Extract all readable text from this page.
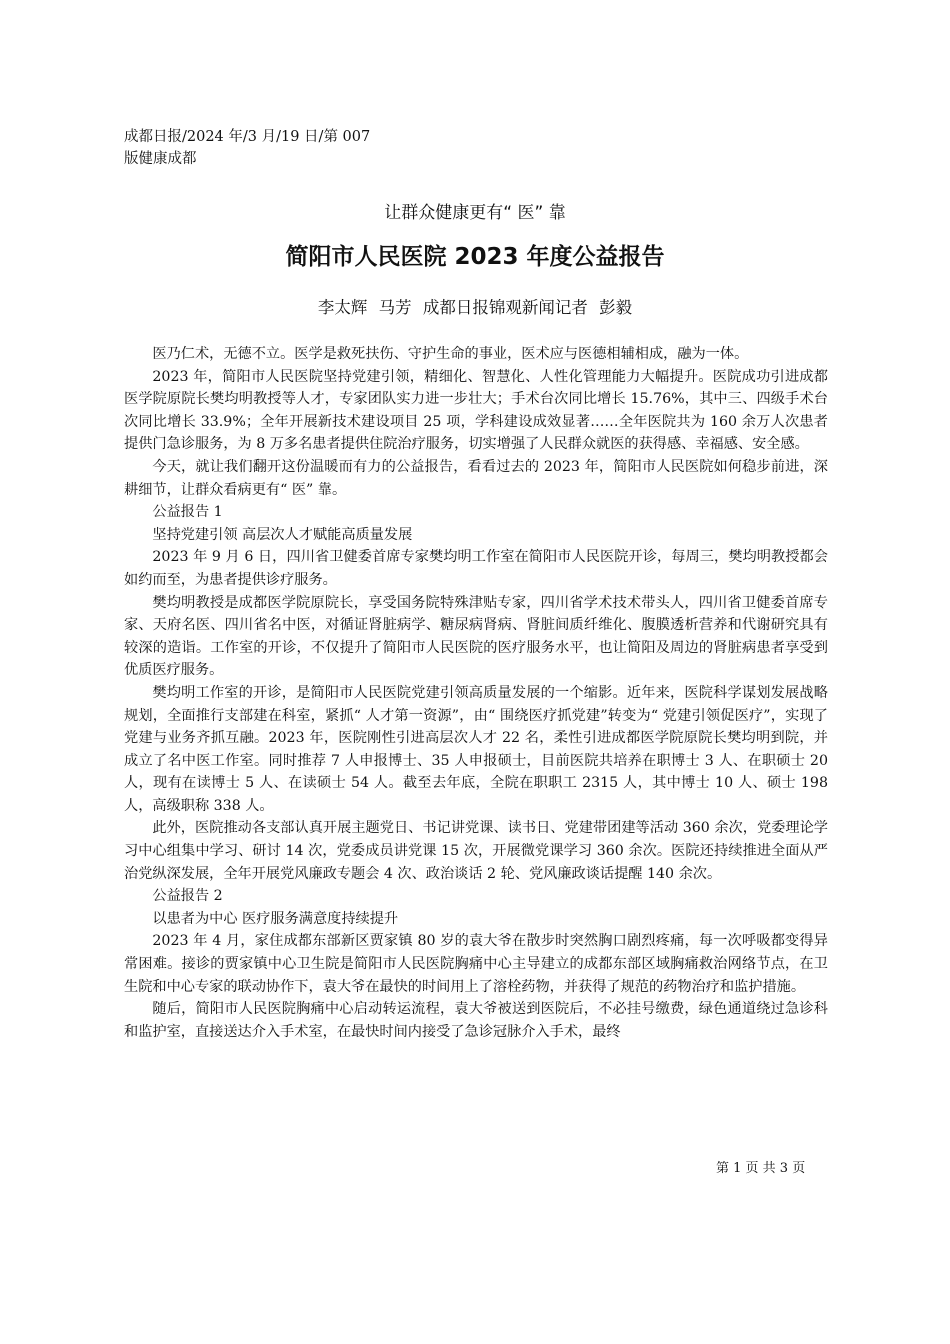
成都日报/2024 年/3 月/19 日/第 007
版健康成都
让群众健康更有“ 医” 靠
简阳市人民医院 2023 年度公益报告
李太辉 马芳 成都日报锦观新闻记者 彭毅

医乃仁术，无德不立。医学是救死扶伤、守护生命的事业，医术应与医德相辅相成，融为一体。

2023 年，简阳市人民医院坚持党建引领，精细化、智慧化、人性化管理能力大幅提升。医院成功引进成都医学院原院长樊均明教授等人才，专家团队实力进一步壮大；手术台次同比增长 15.76%，其中三、四级手术台次同比增长 33.9%；全年开展新技术建设项目 25 项，学科建设成效显著……全年医院共为 160 余万人次患者提供门急诊服务，为 8 万多名患者提供住院治疗服务，切实增强了人民群众就医的获得感、幸福感、安全感。

今天，就让我们翻开这份温暖而有力的公益报告，看看过去的 2023 年，简阳市人民医院如何稳步前进，深耕细节，让群众看病更有“ 医” 靠。

公益报告 1

坚持党建引领 高层次人才赋能高质量发展

2023 年 9 月 6 日，四川省卫健委首席专家樊均明工作室在简阳市人民医院开诊，每周三，樊均明教授都会如约而至，为患者提供诊疗服务。

樊均明教授是成都医学院原院长，享受国务院特殊津贴专家，四川省学术技术带头人，四川省卫健委首席专家、天府名医、四川省名中医，对循证肾脏病学、糖尿病肾病、肾脏间质纤维化、腹膜透析营养和代谢研究具有较深的造诣。工作室的开诊，不仅提升了简阳市人民医院的医疗服务水平，也让简阳及周边的肾脏病患者享受到优质医疗服务。

樊均明工作室的开诊，是简阳市人民医院党建引领高质量发展的一个缩影。近年来，医院科学谋划发展战略规划，全面推行支部建在科室，紧抓“ 人才第一资源”，由“ 围绕医疗抓党建”转变为“ 党建引领促医疗”，实现了党建与业务齐抓互融。2023 年，医院刚性引进高层次人才 22 名，柔性引进成都医学院原院长樊均明到院，并成立了名中医工作室。同时推荐 7 人申报博士、35 人申报硕士，目前医院共培养在职博士 3 人、在职硕士 20 人，现有在读博士 5 人、在读硕士 54 人。截至去年底，全院在职职工 2315 人，其中博士 10 人、硕士 198 人，高级职称 338 人。

此外，医院推动各支部认真开展主题党日、书记讲党课、读书日、党建带团建等活动 360 余次，党委理论学习中心组集中学习、研讨 14 次，党委成员讲党课 15 次，开展微党课学习 360 余次。医院还持续推进全面从严治党纵深发展，全年开展党风廉政专题会 4 次、政治谈话 2 轮、党风廉政谈话提醒 140 余次。

公益报告 2

以患者为中心 医疗服务满意度持续提升

2023 年 4 月，家住成都东部新区贾家镇 80 岁的袁大爷在散步时突然胸口剧烈疼痛，每一次呼吸都变得异常困难。接诊的贾家镇中心卫生院是简阳市人民医院胸痛中心主导建立的成都东部区域胸痛救治网络节点，在卫生院和中心专家的联动协作下，袁大爷在最快的时间用上了溶栓药物，并获得了规范的药物治疗和监护措施。

随后，简阳市人民医院胸痛中心启动转运流程，袁大爷被送到医院后，不必挂号缴费，绿色通道绕过急诊科和监护室，直接送达介入手术室，在最快时间内接受了急诊冠脉介入手术，最终

第 1 页 共 3 页
